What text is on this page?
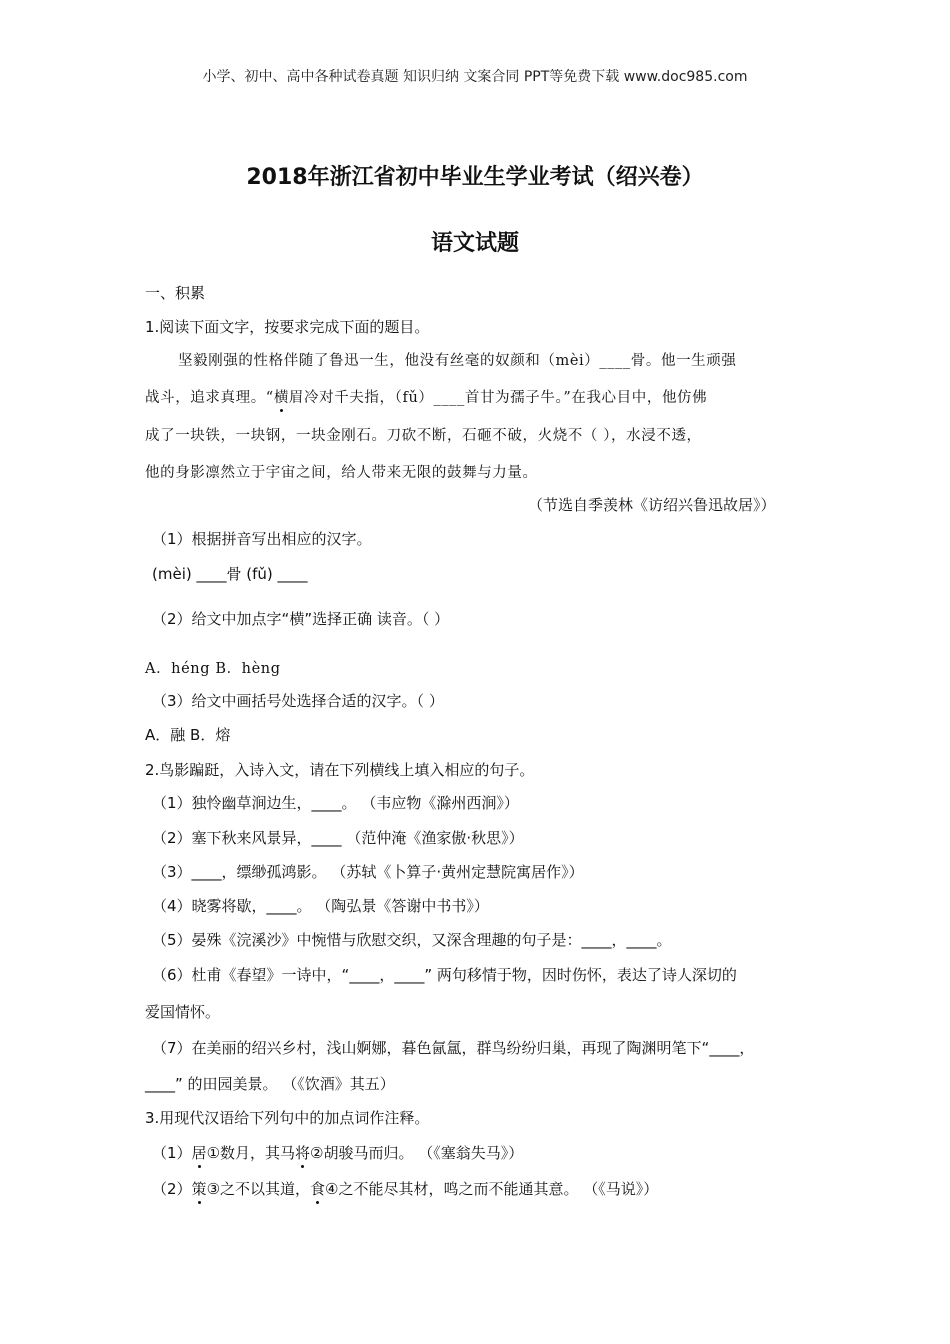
小学、初中、高中各种试卷真题 知识归纳 文案合同 PPT等免费下载 www.doc985.com
2018年浙江省初中毕业生学业考试（绍兴卷）
语文试题
一、积累
1.阅读下面文字，按要求完成下面的题目。
坚毅刚强的性格伴随了鲁迅一生，他没有丝毫的奴颜和（mèi）____骨。他一生顽强
战斗，追求真理。“横眉冷对千夫指，（fǔ）____首甘为孺子牛。”在我心目中，他仿佛
成了一块铁，一块钢，一块金刚石。刀砍不断，石砸不破，火烧不（ ），水浸不透，
他的身影凛然立于宇宙之间，给人带来无限的鼓舞与力量。
（节选自季羡林《访绍兴鲁迅故居》）
（1）根据拼音写出相应的汉字。
(mèi) ____骨 (fǔ) ____
（2）给文中加点字“横”选择正确 读音。（ ）
A．héng B．hèng
（3）给文中画括号处选择合适的汉字。（ ）
A．融 B．熔
2.鸟影蹁跹，入诗入文，请在下列横线上填入相应的句子。
（1）独怜幽草涧边生，____。 （韦应物《滁州西涧》）
（2）塞下秋来风景异，____ （范仲淹《渔家傲·秋思》）
（3）____，缥缈孤鸿影。 （苏轼《卜算子·黄州定慧院寓居作》）
（4）晓雾将歇，____。 （陶弘景《答谢中书书》）
（5）晏殊《浣溪沙》中惋惜与欣慰交织，又深含理趣的句子是：____，____。
（6）杜甫《春望》一诗中，“____，____” 两句移情于物，因时伤怀，表达了诗人深切的
爱国情怀。
（7）在美丽的绍兴乡村，浅山婀娜，暮色氤氲，群鸟纷纷归巢，再现了陶渊明笔下“____，
____” 的田园美景。 （《饮酒》其五）
3.用现代汉语给下列句中的加点词作注释。
（1）居①数月，其马将②胡骏马而归。 （《塞翁失马》）
（2）策③之不以其道，食④之不能尽其材，鸣之而不能通其意。 （《马说》）
